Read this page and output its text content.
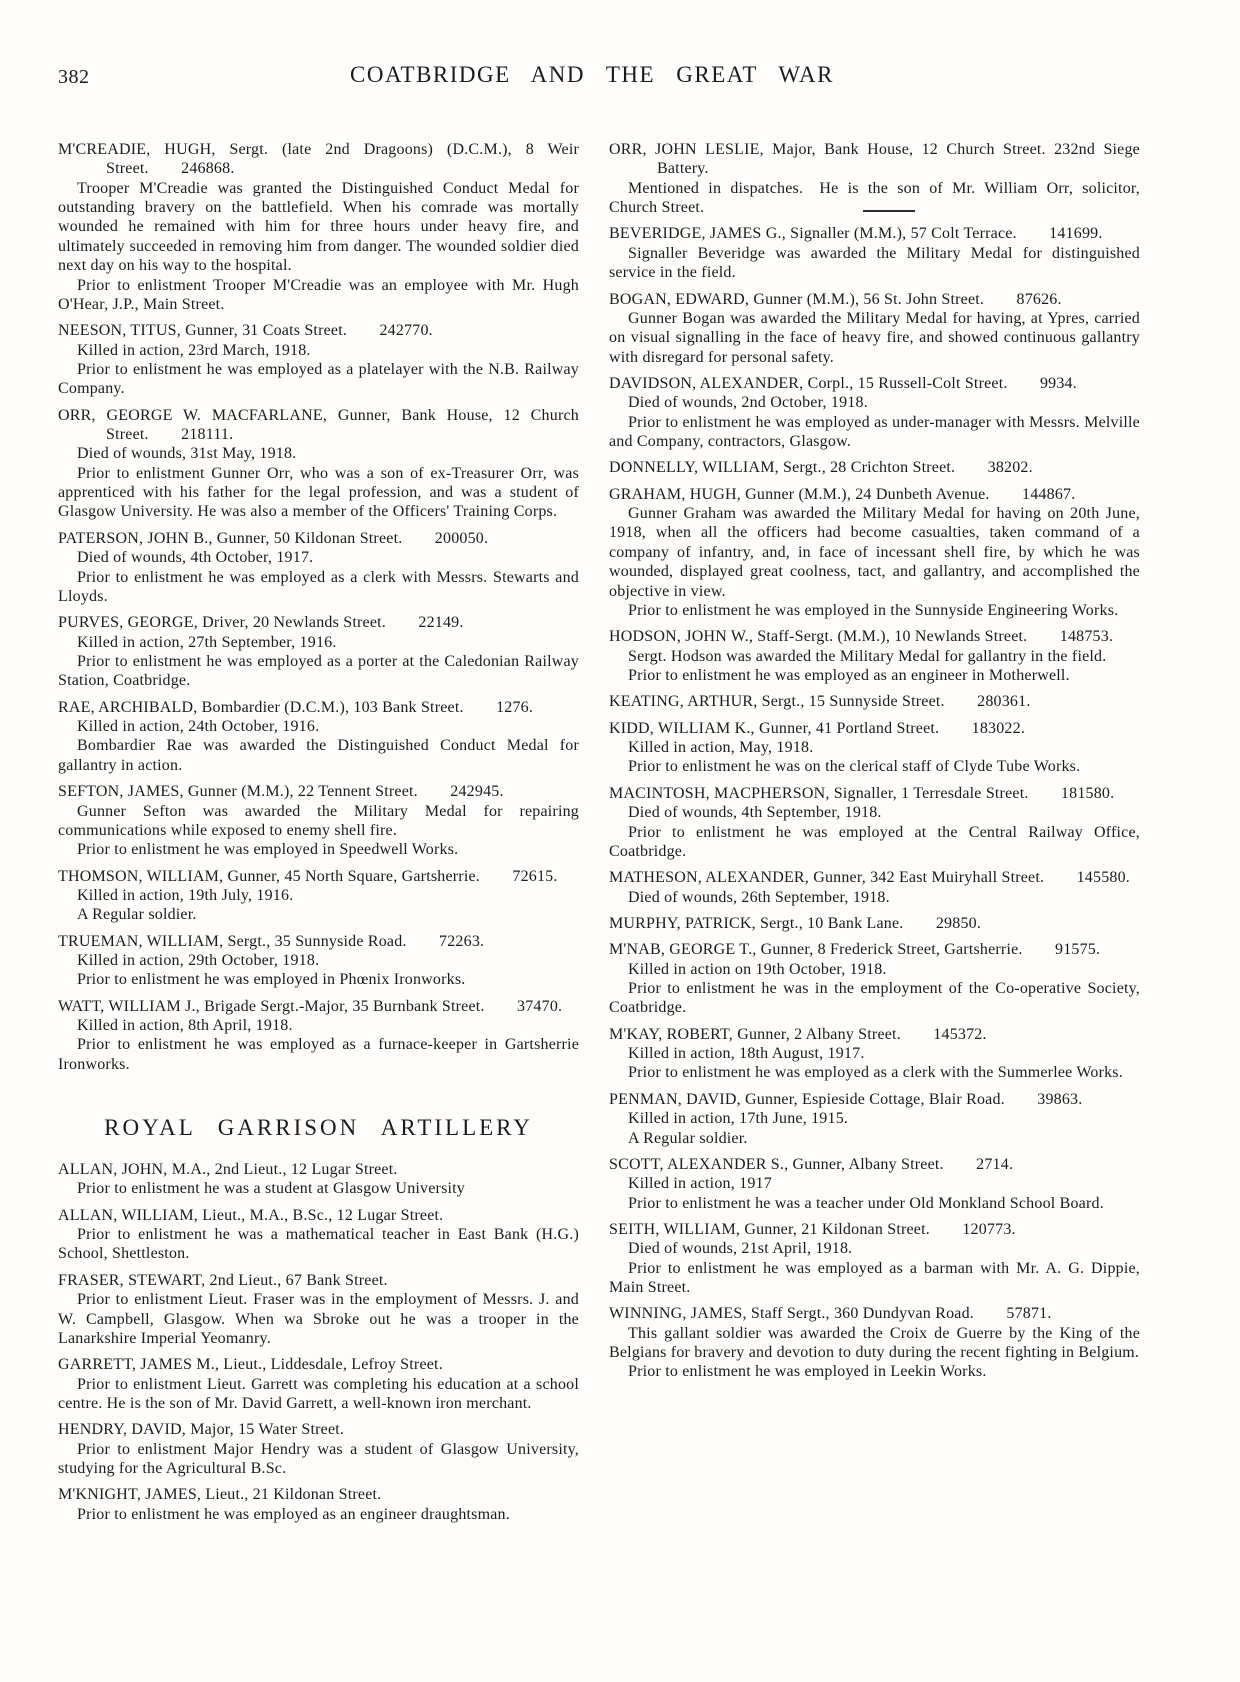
382	COATBRIDGE AND THE GREAT WAR

M'CREADIE, HUGH, Sergt. (late 2nd Dragoons) (D.C.M.), 8 Weir Street.  246868.

Trooper M'Creadie was granted the Distinguished Conduct Medal for outstanding bravery on the battlefield. When his comrade was mortally wounded he remained with him for three hours under heavy fire, and ultimately succeeded in removing him from danger. The wounded soldier died next day on his way to the hospital.

Prior to enlistment Trooper M'Creadie was an employee with Mr. Hugh O'Hear, J.P., Main Street.

NEESON, TITUS, Gunner, 31 Coats Street.  242770.

Killed in action, 23rd March, 1918.

Prior to enlistment he was employed as a platelayer with the N.B. Railway Company.

ORR, GEORGE W. MACFARLANE, Gunner, Bank House, 12 Church Street.  218111.

Died of wounds, 31st May, 1918.

Prior to enlistment Gunner Orr, who was a son of ex-Treasurer Orr, was apprenticed with his father for the legal profession, and was a student of Glasgow University. He was also a member of the Officers' Training Corps.

PATERSON, JOHN B., Gunner, 50 Kildonan Street.  200050.

Died of wounds, 4th October, 1917.

Prior to enlistment he was employed as a clerk with Messrs. Stewarts and Lloyds.

PURVES, GEORGE, Driver, 20 Newlands Street.  22149.

Killed in action, 27th September, 1916.

Prior to enlistment he was employed as a porter at the Caledonian Railway Station, Coatbridge.

RAE, ARCHIBALD, Bombardier (D.C.M.), 103 Bank Street.  1276.

Killed in action, 24th October, 1916.

Bombardier Rae was awarded the Distinguished Conduct Medal for gallantry in action.

SEFTON, JAMES, Gunner (M.M.), 22 Tennent Street.  242945.

Gunner Sefton was awarded the Military Medal for repairing communications while exposed to enemy shell fire.

Prior to enlistment he was employed in Speedwell Works.

THOMSON, WILLIAM, Gunner, 45 North Square, Gartsherrie.  72615.

Killed in action, 19th July, 1916.

A Regular soldier.

TRUEMAN, WILLIAM, Sergt., 35 Sunnyside Road.  72263.

Killed in action, 29th October, 1918.

Prior to enlistment he was employed in Phœnix Ironworks.

WATT, WILLIAM J., Brigade Sergt.-Major, 35 Burnbank Street.  37470.

Killed in action, 8th April, 1918.

Prior to enlistment he was employed as a furnace-keeper in Gartsherrie Ironworks.

ROYAL GARRISON ARTILLERY

ALLAN, JOHN, M.A., 2nd Lieut., 12 Lugar Street.

Prior to enlistment he was a student at Glasgow University

ALLAN, WILLIAM, Lieut., M.A., B.Sc., 12 Lugar Street.

Prior to enlistment he was a mathematical teacher in East Bank (H.G.) School, Shettleston.

FRASER, STEWART, 2nd Lieut., 67 Bank Street.

Prior to enlistment Lieut. Fraser was in the employment of Messrs. J. and W. Campbell, Glasgow. When wa Sbroke out he was a trooper in the Lanarkshire Imperial Yeomanry.

GARRETT, JAMES M., Lieut., Liddesdale, Lefroy Street.

Prior to enlistment Lieut. Garrett was completing his education at a school centre. He is the son of Mr. David Garrett, a well-known iron merchant.

HENDRY, DAVID, Major, 15 Water Street.

Prior to enlistment Major Hendry was a student of Glasgow University, studying for the Agricultural B.Sc.

M'KNIGHT, JAMES, Lieut., 21 Kildonan Street.

Prior to enlistment he was employed as an engineer draughtsman.

ORR, JOHN LESLIE, Major, Bank House, 12 Church Street. 232nd Siege Battery.

Mentioned in dispatches. He is the son of Mr. William Orr, solicitor, Church Street.

BEVERIDGE, JAMES G., Signaller (M.M.), 57 Colt Terrace.  141699.

Signaller Beveridge was awarded the Military Medal for distinguished service in the field.

BOGAN, EDWARD, Gunner (M.M.), 56 St. John Street.  87626.

Gunner Bogan was awarded the Military Medal for having, at Ypres, carried on visual signalling in the face of heavy fire, and showed continuous gallantry with disregard for personal safety.

DAVIDSON, ALEXANDER, Corpl., 15 Russell-Colt Street.  9934.

Died of wounds, 2nd October, 1918.

Prior to enlistment he was employed as under-manager with Messrs. Melville and Company, contractors, Glasgow.

DONNELLY, WILLIAM, Sergt., 28 Crichton Street.  38202.

GRAHAM, HUGH, Gunner (M.M.), 24 Dunbeth Avenue.  144867.

Gunner Graham was awarded the Military Medal for having on 20th June, 1918, when all the officers had become casualties, taken command of a company of infantry, and, in face of incessant shell fire, by which he was wounded, displayed great coolness, tact, and gallantry, and accomplished the objective in view.

Prior to enlistment he was employed in the Sunnyside Engineering Works.

HODSON, JOHN W., Staff-Sergt. (M.M.), 10 Newlands Street.  148753.

Sergt. Hodson was awarded the Military Medal for gallantry in the field.

Prior to enlistment he was employed as an engineer in Motherwell.

KEATING, ARTHUR, Sergt., 15 Sunnyside Street.  280361.

KIDD, WILLIAM K., Gunner, 41 Portland Street.  183022.

Killed in action, May, 1918.

Prior to enlistment he was on the clerical staff of Clyde Tube Works.

MACINTOSH, MACPHERSON, Signaller, 1 Terresdale Street.  181580.

Died of wounds, 4th September, 1918.

Prior to enlistment he was employed at the Central Railway Office, Coatbridge.

MATHESON, ALEXANDER, Gunner, 342 East Muiryhall Street.  145580.

Died of wounds, 26th September, 1918.

MURPHY, PATRICK, Sergt., 10 Bank Lane.  29850.

M'NAB, GEORGE T., Gunner, 8 Frederick Street, Gartsherrie.  91575.

Killed in action on 19th October, 1918.

Prior to enlistment he was in the employment of the Co-operative Society, Coatbridge.

M'KAY, ROBERT, Gunner, 2 Albany Street.  145372.

Killed in action, 18th August, 1917.

Prior to enlistment he was employed as a clerk with the Summerlee Works.

PENMAN, DAVID, Gunner, Espieside Cottage, Blair Road.  39863.

Killed in action, 17th June, 1915.

A Regular soldier.

SCOTT, ALEXANDER S., Gunner, Albany Street.  2714.

Killed in action, 1917

Prior to enlistment he was a teacher under Old Monkland School Board.

SEITH, WILLIAM, Gunner, 21 Kildonan Street.  120773.

Died of wounds, 21st April, 1918.

Prior to enlistment he was employed as a barman with Mr. A. G. Dippie, Main Street.

WINNING, JAMES, Staff Sergt., 360 Dundyvan Road.  57871.

This gallant soldier was awarded the Croix de Guerre by the King of the Belgians for bravery and devotion to duty during the recent fighting in Belgium.

Prior to enlistment he was employed in Leekin Works.
